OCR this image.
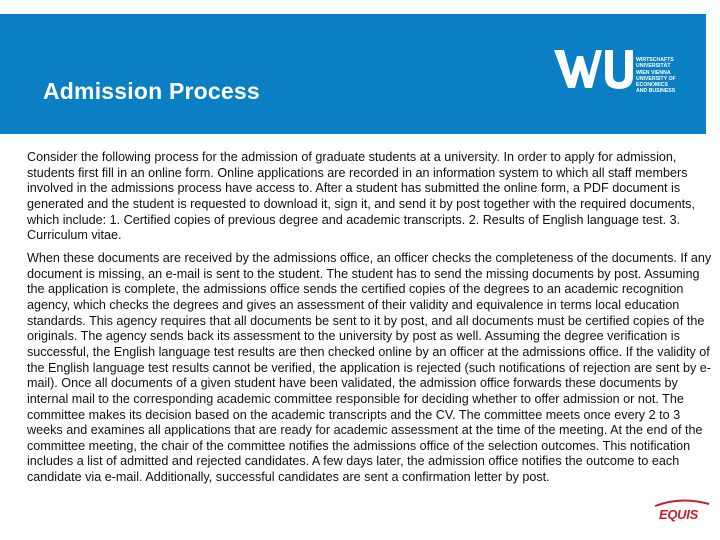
Admission Process
WIRTSCHAFTS
UNIVERSITÄT
WIEN VIENNA
UNIVERSITY OF
ECONOMICS
AND BUSINESS

Consider the following process for the admission of graduate students at a university. In order to apply for admission, students first fill in an online form. Online applications are recorded in an information system to which all staff members involved in the admissions process have access to. After a student has submitted the online form, a PDF document is generated and the student is requested to download it, sign it, and send it by post together with the required documents, which include: 1. Certified copies of previous degree and academic transcripts. 2. Results of English language test. 3. Curriculum vitae.

When these documents are received by the admissions office, an officer checks the completeness of the documents. If any document is missing, an e-mail is sent to the student. The student has to send the missing documents by post. Assuming the application is complete, the admissions office sends the certified copies of the degrees to an academic recognition agency, which checks the degrees and gives an assessment of their validity and equivalence in terms local education standards. This agency requires that all documents be sent to it by post, and all documents must be certified copies of the originals. The agency sends back its assessment to the university by post as well. Assuming the degree verification is successful, the English language test results are then checked online by an officer at the admissions office. If the validity of the English language test results cannot be verified, the application is rejected (such notifications of rejection are sent by e-mail). Once all documents of a given student have been validated, the admission office forwards these documents by internal mail to the corresponding academic committee responsible for deciding whether to offer admission or not. The committee makes its decision based on the academic transcripts and the CV. The committee meets once every 2 to 3 weeks and examines all applications that are ready for academic assessment at the time of the meeting. At the end of the committee meeting, the chair of the committee notifies the admissions office of the selection outcomes. This notification includes a list of admitted and rejected candidates. A few days later, the admission office notifies the outcome to each candidate via e-mail. Additionally, successful candidates are sent a confirmation letter by post.

EQUIS
